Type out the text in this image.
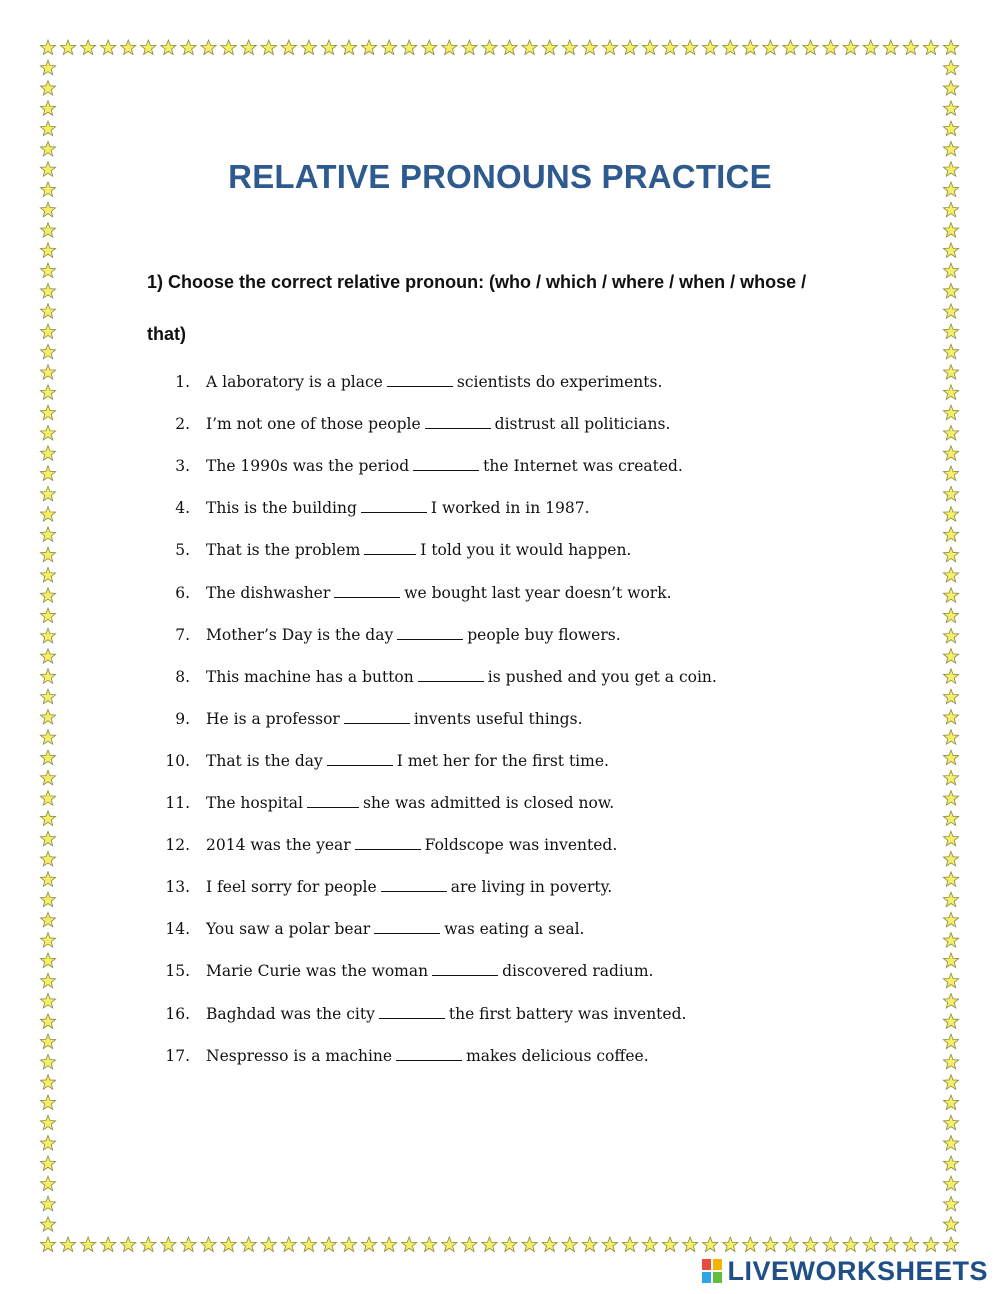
RELATIVE PRONOUNS PRACTICE
1) Choose the correct relative pronoun: (who / which / where / when / whose /
that)
1. A laboratory is a place	scientists do experiments.
2. I’m not one of those people	distrust all politicians.
3. The 1990s was the period	the Internet was created.
4. This is the building	I worked in in 1987.
5. That is the problem	I told you it would happen.
6. The dishwasher	we bought last year doesn’t work.
7. Mother’s Day is the day	people buy flowers.
8. This machine has a button	is pushed and you get a coin.
9. He is a professor	invents useful things.
10. That is the day	I met her for the first time.
11. The hospital	she was admitted is closed now.
12. 2014 was the year	Foldscope was invented.
13. I feel sorry for people	are living in poverty.
14. You saw a polar bear	was eating a seal.
15. Marie Curie was the woman	discovered radium.
16. Baghdad was the city	the first battery was invented.
17. Nespresso is a machine	makes delicious coffee.
LIVEWORKSHEETS
